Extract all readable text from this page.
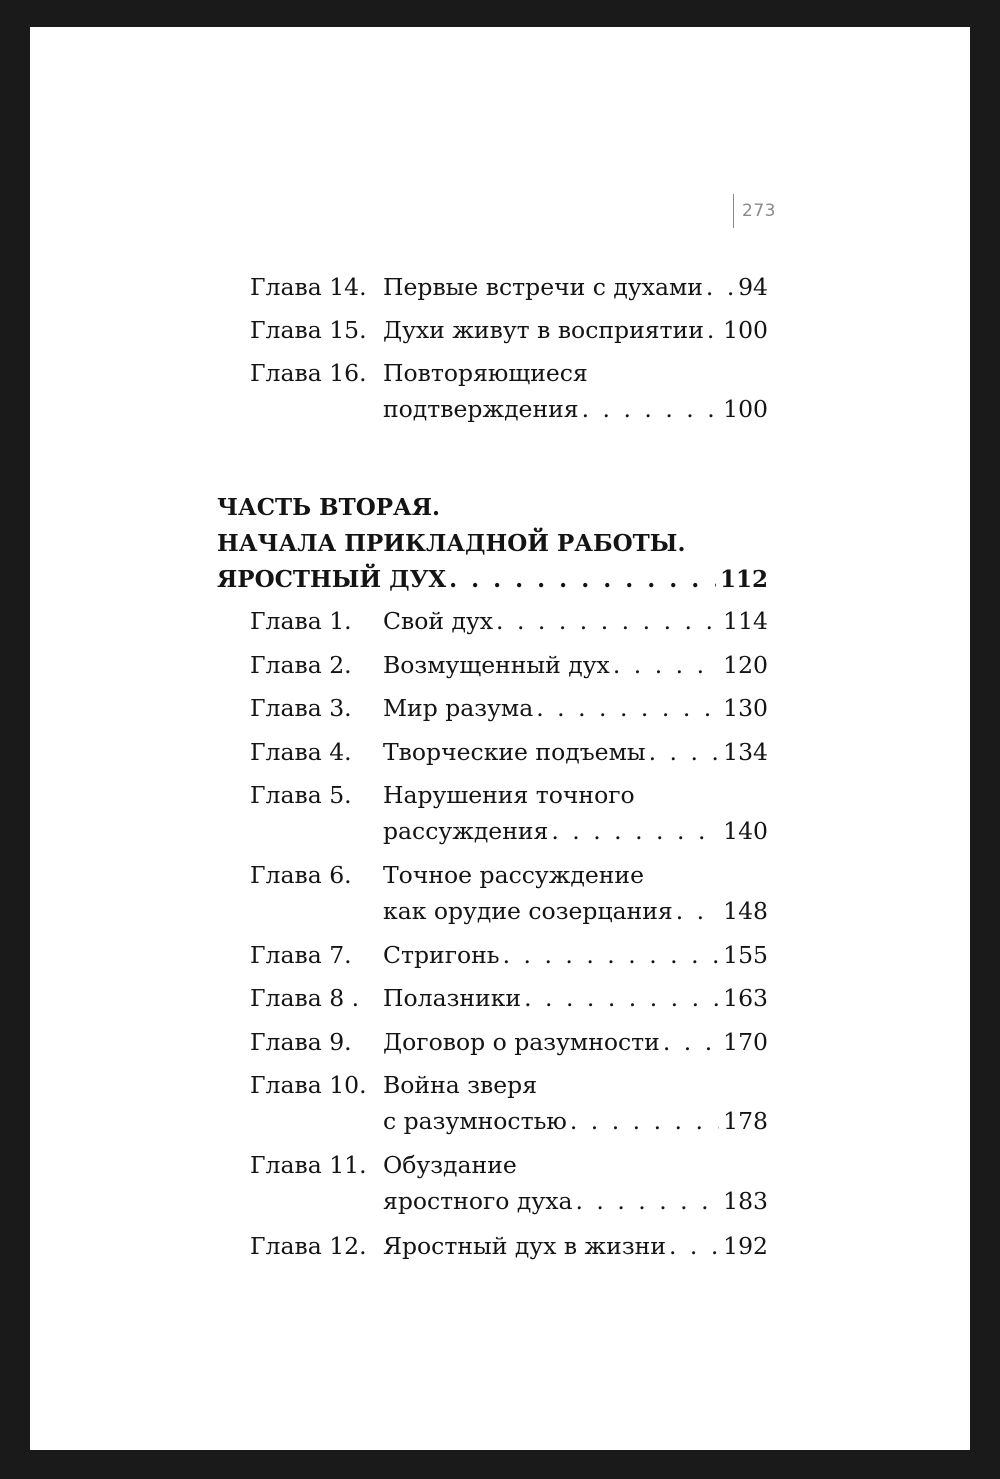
273
Глава 14. Первые встречи с духами . . . 94
Глава 15. Духи живут в восприятии . . . 100
Глава 16. Повторяющиеся
подтверждения . . .	100
ЧАСТЬ ВТОРАЯ.
НАЧАЛА ПРИКЛАДНОЙ РАБОТЫ.
ЯРОСТНЫЙ ДУХ . . .	112
Глава 1. Свой дух . . .	114
Глава 2. Возмущенный дух . . .	120
Глава 3. Мир разума . . .	130
Глава 4. Творческие подъемы . . .	134
Глава 5. Нарушения точного
рассуждения . . .	140
Глава 6. Точное рассуждение
как орудие созерцания . . . 148
Глава 7. Стригонь . . .	155
Глава 8 . Полазники . . .	163
Глава 9. Договор о разумности . . .	170
Глава 10. Война зверя
с разумностью . . .	178
Глава 11. Обуздание
яростного духа . . .	183
Глава 12. Яростный дух в жизни . . . 192
